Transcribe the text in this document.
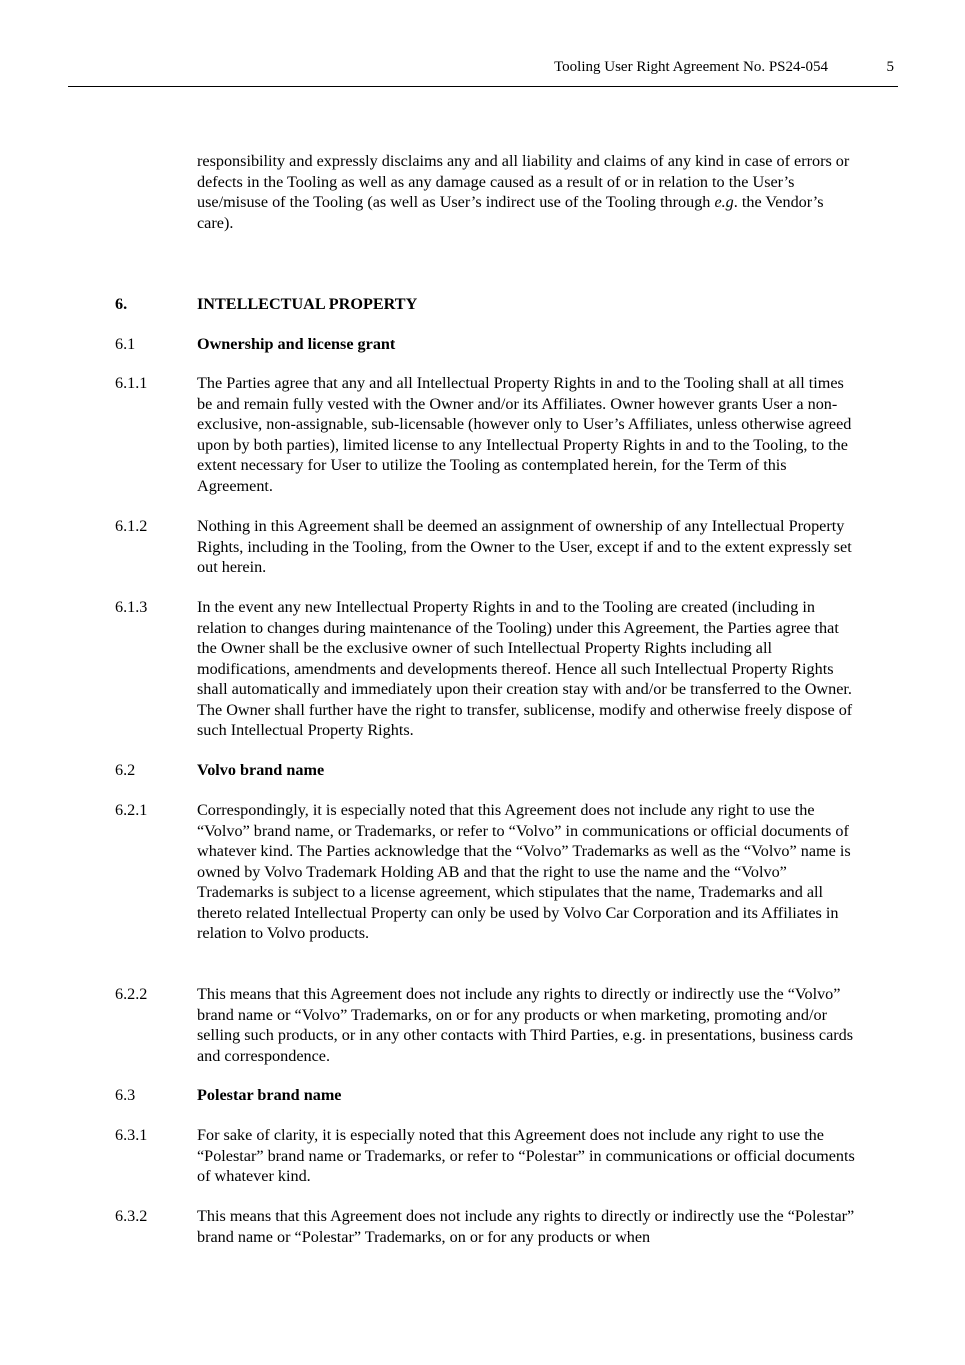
Tooling User Right Agreement No. PS24-054	5

responsibility and expressly disclaims any and all liability and claims of any kind in case of errors or defects in the Tooling as well as any damage caused as a result of or in relation to the User’s use/misuse of the Tooling (as well as User’s indirect use of the Tooling through e.g. the Vendor’s care).

6.	INTELLECTUAL PROPERTY
6.1	Ownership and license grant
6.1.1	The Parties agree that any and all Intellectual Property Rights in and to the Tooling shall at all times be and remain fully vested with the Owner and/or its Affiliates. Owner however grants User a non-exclusive, non-assignable, sub-licensable (however only to User’s Affiliates, unless otherwise agreed upon by both parties), limited license to any Intellectual Property Rights in and to the Tooling, to the extent necessary for User to utilize the Tooling as contemplated herein, for the Term of this Agreement.
6.1.2	Nothing in this Agreement shall be deemed an assignment of ownership of any Intellectual Property Rights, including in the Tooling, from the Owner to the User, except if and to the extent expressly set out herein.
6.1.3	In the event any new Intellectual Property Rights in and to the Tooling are created (including in relation to changes during maintenance of the Tooling) under this Agreement, the Parties agree that the Owner shall be the exclusive owner of such Intellectual Property Rights including all modifications, amendments and developments thereof. Hence all such Intellectual Property Rights shall automatically and immediately upon their creation stay with and/or be transferred to the Owner. The Owner shall further have the right to transfer, sublicense, modify and otherwise freely dispose of such Intellectual Property Rights.
6.2	Volvo brand name
6.2.1	Correspondingly, it is especially noted that this Agreement does not include any right to use the “Volvo” brand name, or Trademarks, or refer to “Volvo” in communications or official documents of whatever kind. The Parties acknowledge that the “Volvo” Trademarks as well as the “Volvo” name is owned by Volvo Trademark Holding AB and that the right to use the name and the “Volvo” Trademarks is subject to a license agreement, which stipulates that the name, Trademarks and all thereto related Intellectual Property can only be used by Volvo Car Corporation and its Affiliates in relation to Volvo products.
6.2.2	This means that this Agreement does not include any rights to directly or indirectly use the “Volvo” brand name or “Volvo” Trademarks, on or for any products or when marketing, promoting and/or selling such products, or in any other contacts with Third Parties, e.g. in presentations, business cards and correspondence.
6.3	Polestar brand name
6.3.1	For sake of clarity, it is especially noted that this Agreement does not include any right to use the “Polestar” brand name or Trademarks, or refer to “Polestar” in communications or official documents of whatever kind.
6.3.2	This means that this Agreement does not include any rights to directly or indirectly use the “Polestar” brand name or “Polestar” Trademarks, on or for any products or when
